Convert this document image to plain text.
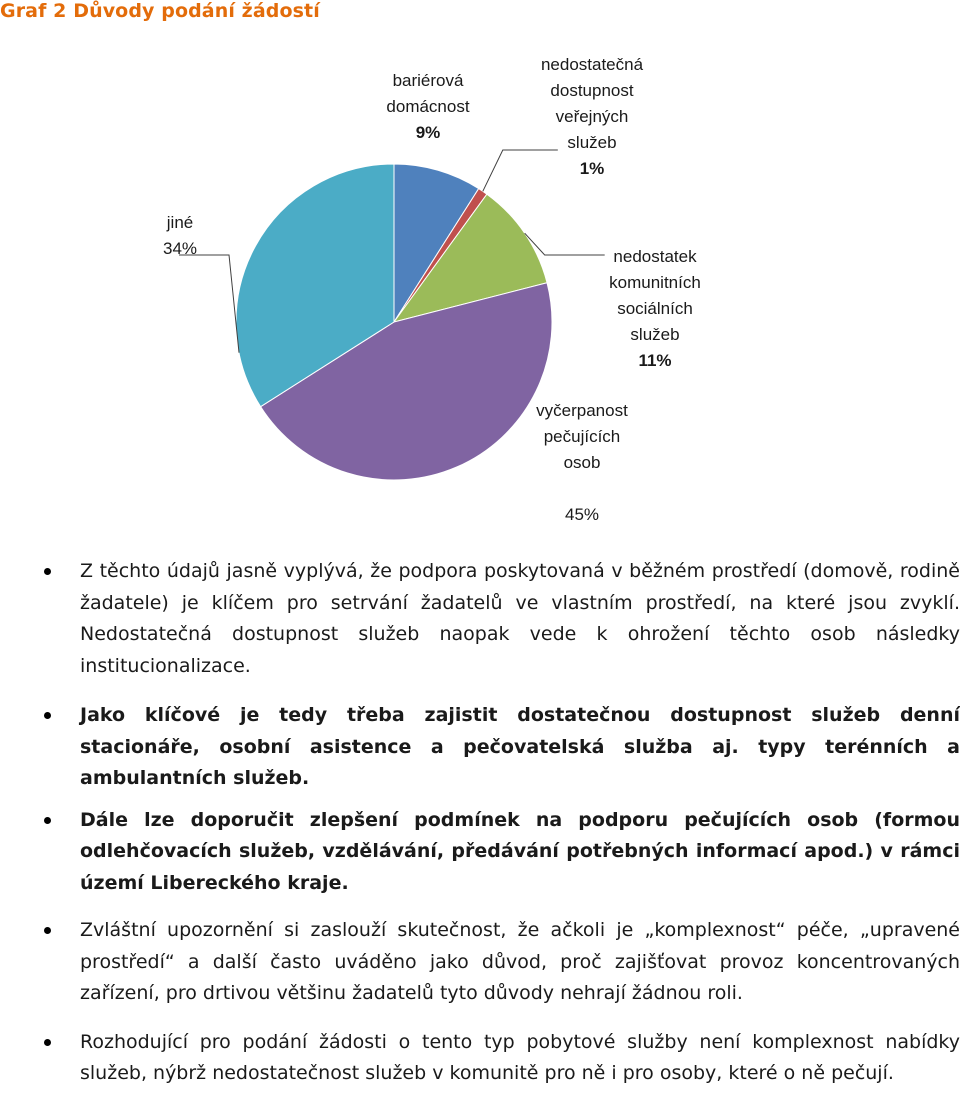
Graf 2 Důvody podání žádostí
bariérová
domácnost
9%
nedostatečná
dostupnost
veřejných
služeb
1%
nedostatek
komunitních
sociálních
služeb
11%
vyčerpanost
pečujících
osob
45%
jiné
34%
Z těchto údajů jasně vyplývá, že podpora poskytovaná v běžném prostředí (domově, rodině žadatele) je klíčem pro setrvání žadatelů ve vlastním prostředí, na které jsou zvyklí. Nedostatečná dostupnost služeb naopak vede k ohrožení těchto osob následky institucionalizace.
Jako klíčové je tedy třeba zajistit dostatečnou dostupnost služeb denní stacionáře, osobní asistence a pečovatelská služba aj. typy terénních a ambulantních služeb.
Dále lze doporučit zlepšení podmínek na podporu pečujících osob (formou odlehčovacích služeb, vzdělávání, předávání potřebných informací apod.) v rámci území Libereckého kraje.
Zvláštní upozornění si zaslouží skutečnost, že ačkoli je „komplexnost“ péče, „upravené prostředí“ a další často uváděno jako důvod, proč zajišťovat provoz koncentrovaných zařízení, pro drtivou většinu žadatelů tyto důvody nehrají žádnou roli.
Rozhodující pro podání žádosti o tento typ pobytové služby není komplexnost nabídky služeb, nýbrž nedostatečnost služeb v komunitě pro ně i pro osoby, které o ně pečují.
